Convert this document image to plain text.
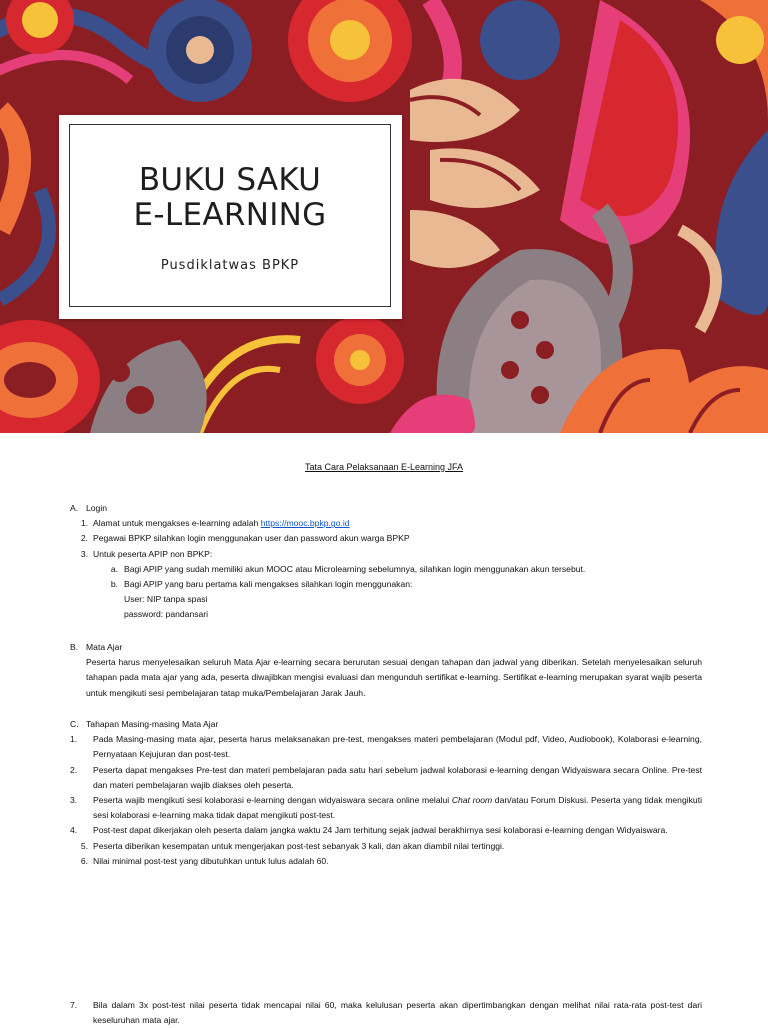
BUKU SAKU
E-LEARNING
Pusdiklatwas BPKP
Tata Cara Pelaksanaan E-Learning JFA
A. Login
1. Alamat untuk mengakses e-learning adalah https://mooc.bpkp.go.id
2. Pegawai BPKP silahkan login menggunakan user dan password akun warga BPKP
3. Untuk peserta APIP non BPKP:
a. Bagi APIP yang sudah memiliki akun MOOC atau Microlearning sebelumnya, silahkan login menggunakan akun tersebut.
b. Bagi APIP yang baru pertama kali mengakses silahkan login menggunakan:
User: NIP tanpa spasi
password: pandansari
B. Mata Ajar
Peserta harus menyelesaikan seluruh Mata Ajar e-learning secara berurutan sesuai dengan tahapan dan jadwal yang diberikan. Setelah menyelesaikan seluruh tahapan pada mata ajar yang ada, peserta diwajibkan mengisi evaluasi dan mengunduh sertifikat e-learning. Sertifikat e-learning merupakan syarat wajib peserta untuk mengikuti sesi pembelajaran tatap muka/Pembelajaran Jarak Jauh.
C. Tahapan Masing-masing Mata Ajar
1.	Pada Masing-masing mata ajar, peserta harus melaksanakan pre-test, mengakses materi pembelajaran (Modul pdf, Video, Audiobook), Kolaborasi e-learning, Pernyataan Kejujuran dan post-test.
2.	Peserta dapat mengakses Pre-test dan materi pembelajaran pada satu hari sebelum jadwal kolaborasi e-learning dengan Widyaiswara secara Online. Pre-test dan materi pembelajaran wajib diakses oleh peserta.
3.	Peserta wajib mengikuti sesi kolaborasi e-learning dengan widyaiswara secara online melalui Chat room dan/atau Forum Diskusi. Peserta yang tidak mengikuti sesi kolaborasi e-learning maka tidak dapat mengikuti post-test.
4.	Post-test dapat dikerjakan oleh peserta dalam jangka waktu 24 Jam terhitung sejak jadwal berakhirnya sesi kolaborasi e-learning dengan Widyaiswara.
5. Peserta diberikan kesempatan untuk mengerjakan post-test sebanyak 3 kali, dan akan diambil nilai tertinggi.
6. Nilai minimal post-test yang dibutuhkan untuk lulus adalah 60.
7.	Bila dalam 3x post-test nilai peserta tidak mencapai nilai 60, maka kelulusan peserta akan dipertimbangkan dengan melihat nilai rata-rata post-test dari keseluruhan mata ajar.
